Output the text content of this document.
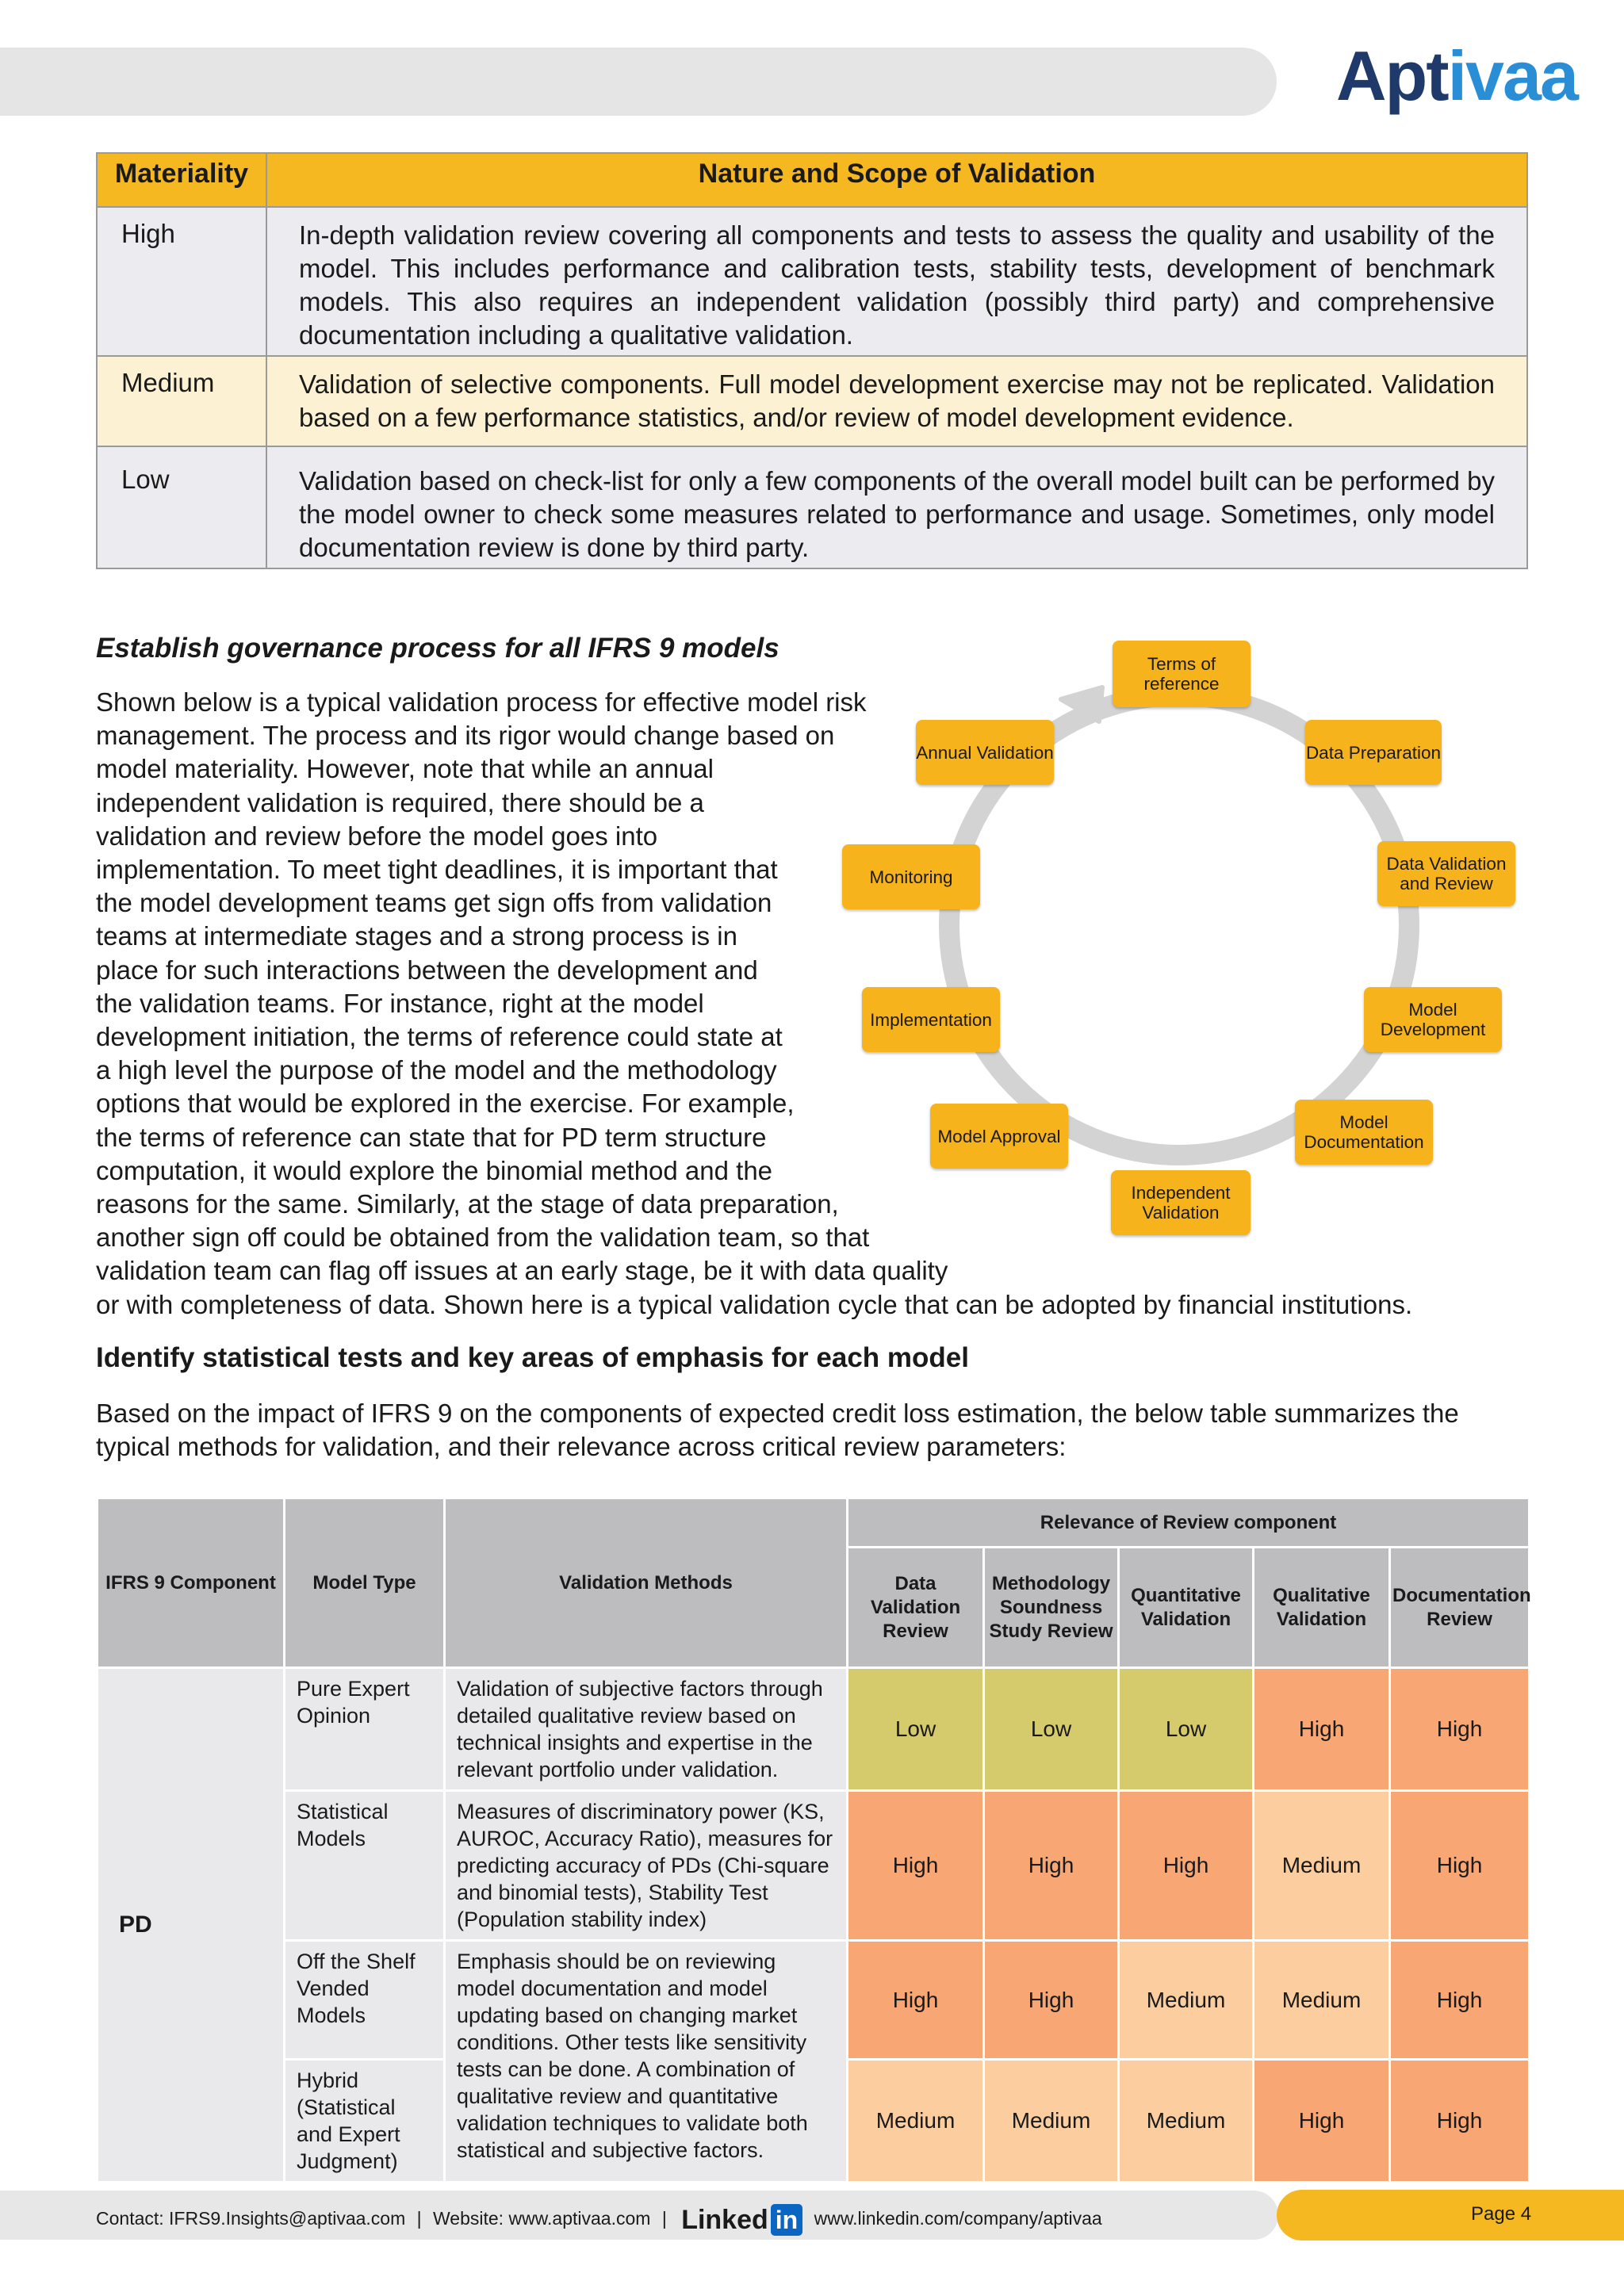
Aptivaa
Materiality	Nature and Scope of Validation
High	In-depth validation review covering all components and tests to assess the quality and usability of the model. This includes performance and calibration tests, stability tests, development of benchmark models. This also requires an independent validation (possibly third party) and comprehensive documentation including a qualitative validation.
Medium	Validation of selective components. Full model development exercise may not be replicated. Validation based on a few performance statistics, and/or review of model development evidence.
Low	Validation based on check-list for only a few components of the overall model built can be performed by the model owner to check some measures related to performance and usage. Sometimes, only model documentation review is done by third party.
Establish governance process for all IFRS 9 models
Shown below is a typical validation process for effective model risk
management. The process and its rigor would change based on
model materiality. However, note that while an annual
independent validation is required, there should be a
validation and review before the model goes into
implementation. To meet tight deadlines, it is important that
the model development teams get sign offs from validation
teams at intermediate stages and a strong process is in
place for such interactions between the development and
the validation teams. For instance, right at the model
development initiation, the terms of reference could state at
a high level the purpose of the model and the methodology
options that would be explored in the exercise. For example,
the terms of reference can state that for PD term structure
computation, it would explore the binomial method and the
reasons for the same. Similarly, at the stage of data preparation,
another sign off could be obtained from the validation team, so that
validation team can flag off issues at an early stage, be it with data quality
or with completeness of data. Shown here is a typical validation cycle that can be adopted by financial institutions.
Terms of reference
Data Preparation
Data Validation and Review
Model Development
Model Documentation
Independent Validation
Model Approval
Implementation
Monitoring
Annual Validation
Identify statistical tests and key areas of emphasis for each model
Based on the impact of IFRS 9 on the components of expected credit loss estimation, the below table summarizes the
typical methods for validation, and their relevance across critical review parameters:
IFRS 9 Component	Model Type	Validation Methods	Relevance of Review component				
			Data Validation Review	Methodology Soundness Study Review	Quantitative Validation	Qualitative Validation	Documentation Review
PD	Pure Expert Opinion	Validation of subjective factors through detailed qualitative review based on technical insights and expertise in the relevant portfolio under validation.	Low	Low	Low	High	High
	Statistical Models	Measures of discriminatory power (KS, AUROC, Accuracy Ratio), measures for predicting accuracy of PDs (Chi-square and binomial tests), Stability Test (Population stability index)	High	High	High	Medium	High
	Off the Shelf Vended Models	Emphasis should be on reviewing model documentation and model updating based on changing market conditions. Other tests like sensitivity tests can be done. A combination of qualitative review and quantitative validation techniques to validate both statistical and subjective factors.	High	High	Medium	Medium	High
	Hybrid (Statistical and Expert Judgment)		Medium	Medium	Medium	High	High
Contact: IFRS9.Insights@aptivaa.com | Website: www.aptivaa.com | Linked in www.linkedin.com/company/aptivaa	Page 4
